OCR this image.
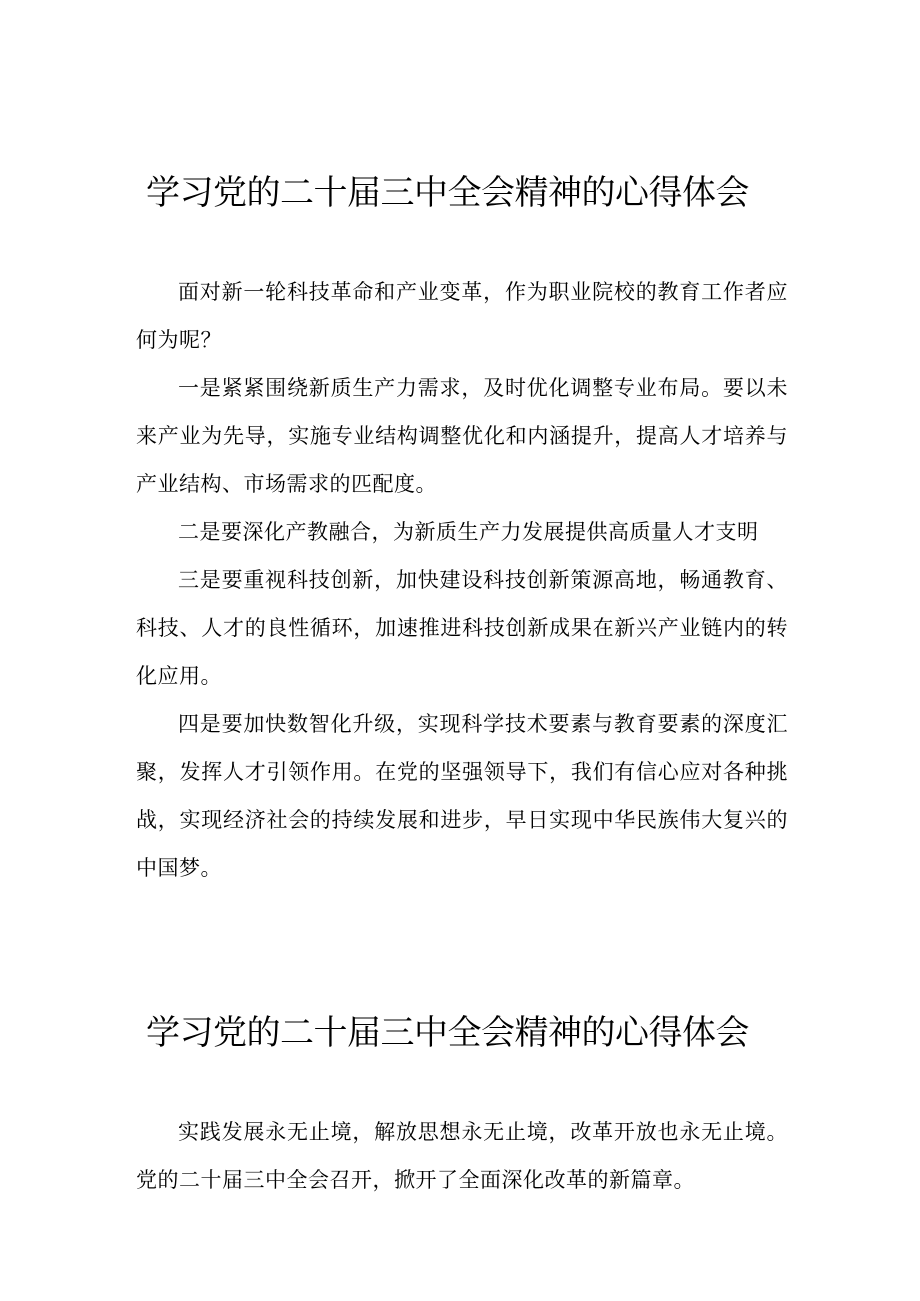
学习党的二十届三中全会精神的心得体会

面对新一轮科技革命和产业变革，作为职业院校的教育工作者应何为呢？

一是紧紧围绕新质生产力需求，及时优化调整专业布局。要以未来产业为先导，实施专业结构调整优化和内涵提升，提高人才培养与产业结构、市场需求的匹配度。

二是要深化产教融合，为新质生产力发展提供高质量人才支明

三是要重视科技创新，加快建设科技创新策源高地，畅通教育、科技、人才的良性循环，加速推进科技创新成果在新兴产业链内的转化应用。

四是要加快数智化升级，实现科学技术要素与教育要素的深度汇聚，发挥人才引领作用。在党的坚强领导下，我们有信心应对各种挑战，实现经济社会的持续发展和进步，早日实现中华民族伟大复兴的中国梦。

学习党的二十届三中全会精神的心得体会

实践发展永无止境，解放思想永无止境，改革开放也永无止境。党的二十届三中全会召开，掀开了全面深化改革的新篇章。
